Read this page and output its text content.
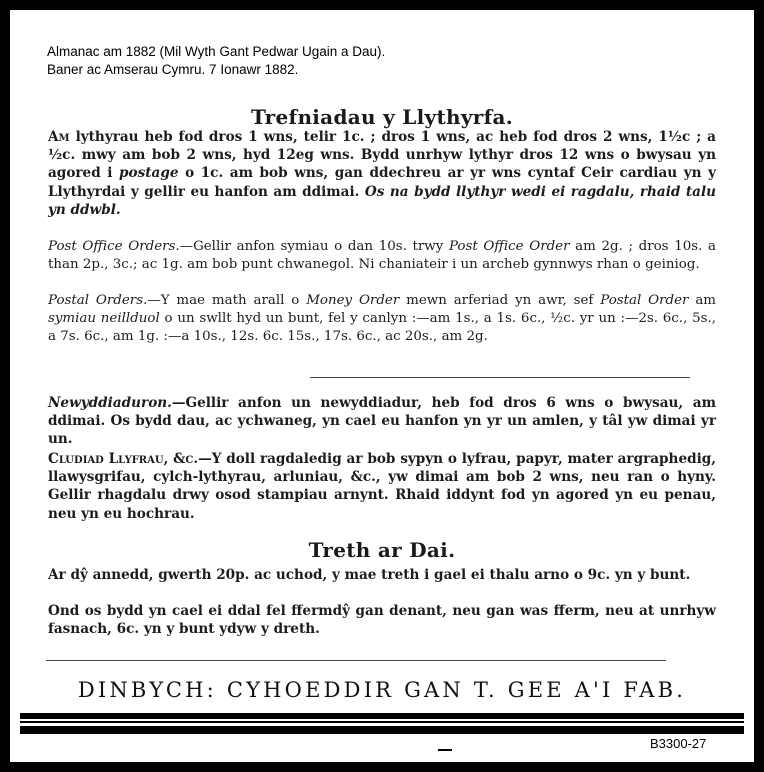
Almanac am 1882 (Mil Wyth Gant Pedwar Ugain a Dau).
Baner ac Amserau Cymru. 7 Ionawr 1882.
Trefniadau y Llythyrfa.
Am lythyrau heb fod dros 1 wns, telir 1c. ; dros 1 wns, ac heb fod dros 2 wns, 1½c ; a ½c. mwy am bob 2 wns, hyd 12eg wns. Bydd unrhyw lythyr dros 12 wns o bwysau yn agored i postage o 1c. am bob wns, gan ddechreu ar yr wns cyntaf Ceir cardiau yn y Llythyrdai y gellir eu hanfon am ddimai. Os na bydd llythyr wedi ei ragdalu, rhaid talu yn ddwbl.
Post Office Orders.—Gellir anfon symiau o dan 10s. trwy Post Office Order am 2g. ; dros 10s. a than 2p., 3c.; ac 1g. am bob punt chwanegol. Ni chaniateir i un archeb gynnwys rhan o geiniog.
Postal Orders.—Y mae math arall o Money Order mewn arferiad yn awr, sef Postal Order am symiau neillduol o un swllt hyd un bunt, fel y canlyn :—am 1s., a 1s. 6c., ½c. yr un :—2s. 6c., 5s., a 7s. 6c., am 1g. :—a 10s., 12s. 6c. 15s., 17s. 6c., ac 20s., am 2g.
Newyddiaduron.—Gellir anfon un newyddiadur, heb fod dros 6 wns o bwysau, am ddimai. Os bydd dau, ac ychwaneg, yn cael eu hanfon yn yr un amlen, y tâl yw dimai yr un.
Cludiad Llyfrau, &c.—Y doll ragdaledig ar bob sypyn o lyfrau, papyr, mater argraphedig, llawysgrifau, cylch-lythyrau, arluniau, &c., yw dimai am bob 2 wns, neu ran o hyny. Gellir rhagdalu drwy osod stampiau arnynt. Rhaid iddynt fod yn agored yn eu penau, neu yn eu hochrau.
Treth ar Dai.
Ar dŷ annedd, gwerth 20p. ac uchod, y mae treth i gael ei thalu arno o 9c. yn y bunt.
Ond os bydd yn cael ei ddal fel ffermdŷ gan denant, neu gan was fferm, neu at unrhyw fasnach, 6c. yn y bunt ydyw y dreth.
DINBYCH: CYHOEDDIR GAN T. GEE A'I FAB.
B3300-27
